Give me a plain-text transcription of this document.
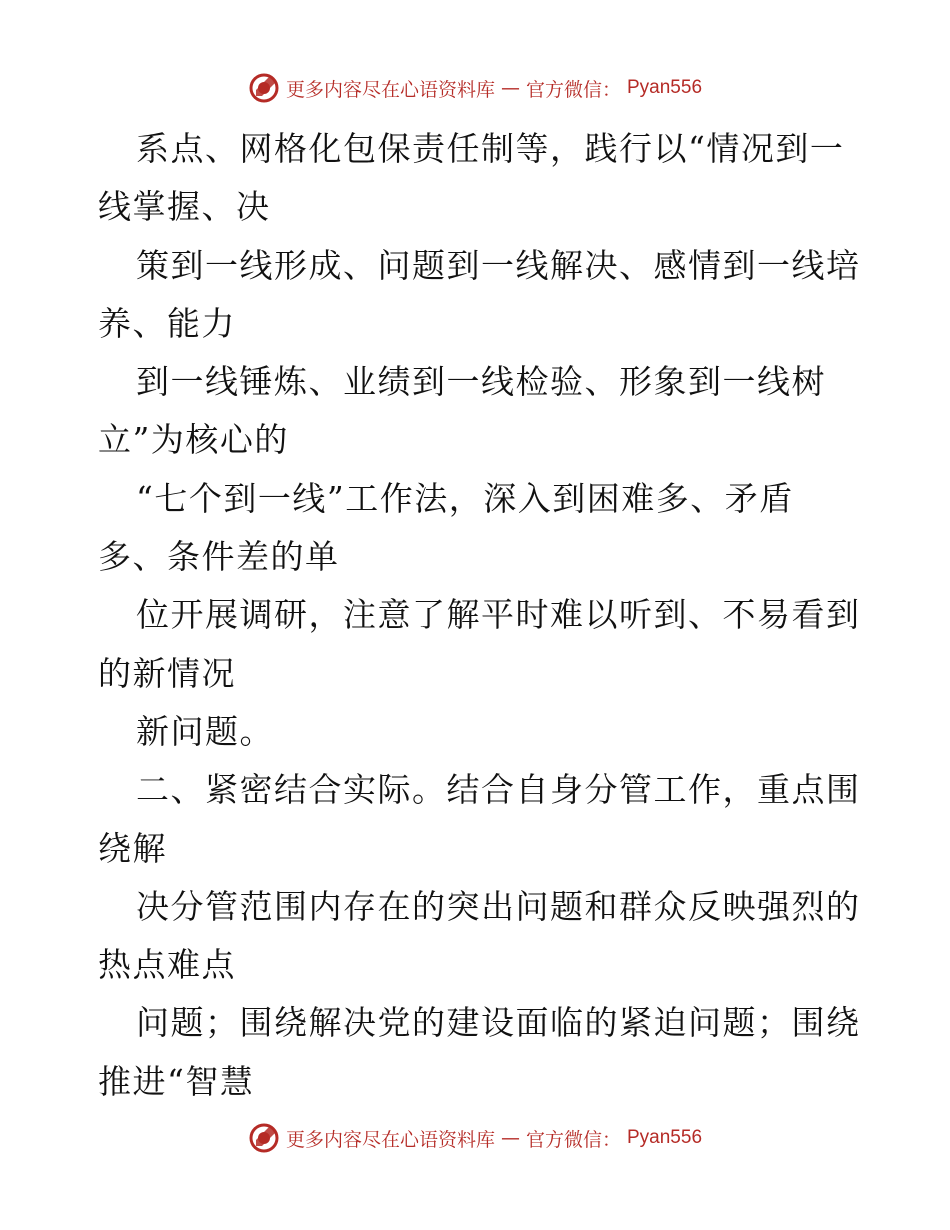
更多内容尽在心语资料库 — 官方微信： Pyan556
系点、网格化包保责任制等，践行以“情况到一
线掌握、决
策到一线形成、问题到一线解决、感情到一线培
养、能力
到一线锤炼、业绩到一线检验、形象到一线树
立”为核心的
“七个到一线”工作法，深入到困难多、矛盾
多、条件差的单
位开展调研，注意了解平时难以听到、不易看到
的新情况
新问题。
二、紧密结合实际。结合自身分管工作，重点围
绕解
决分管范围内存在的突出问题和群众反映强烈的
热点难点
问题；围绕解决党的建设面临的紧迫问题；围绕
推进“智慧
更多内容尽在心语资料库 — 官方微信： Pyan556
